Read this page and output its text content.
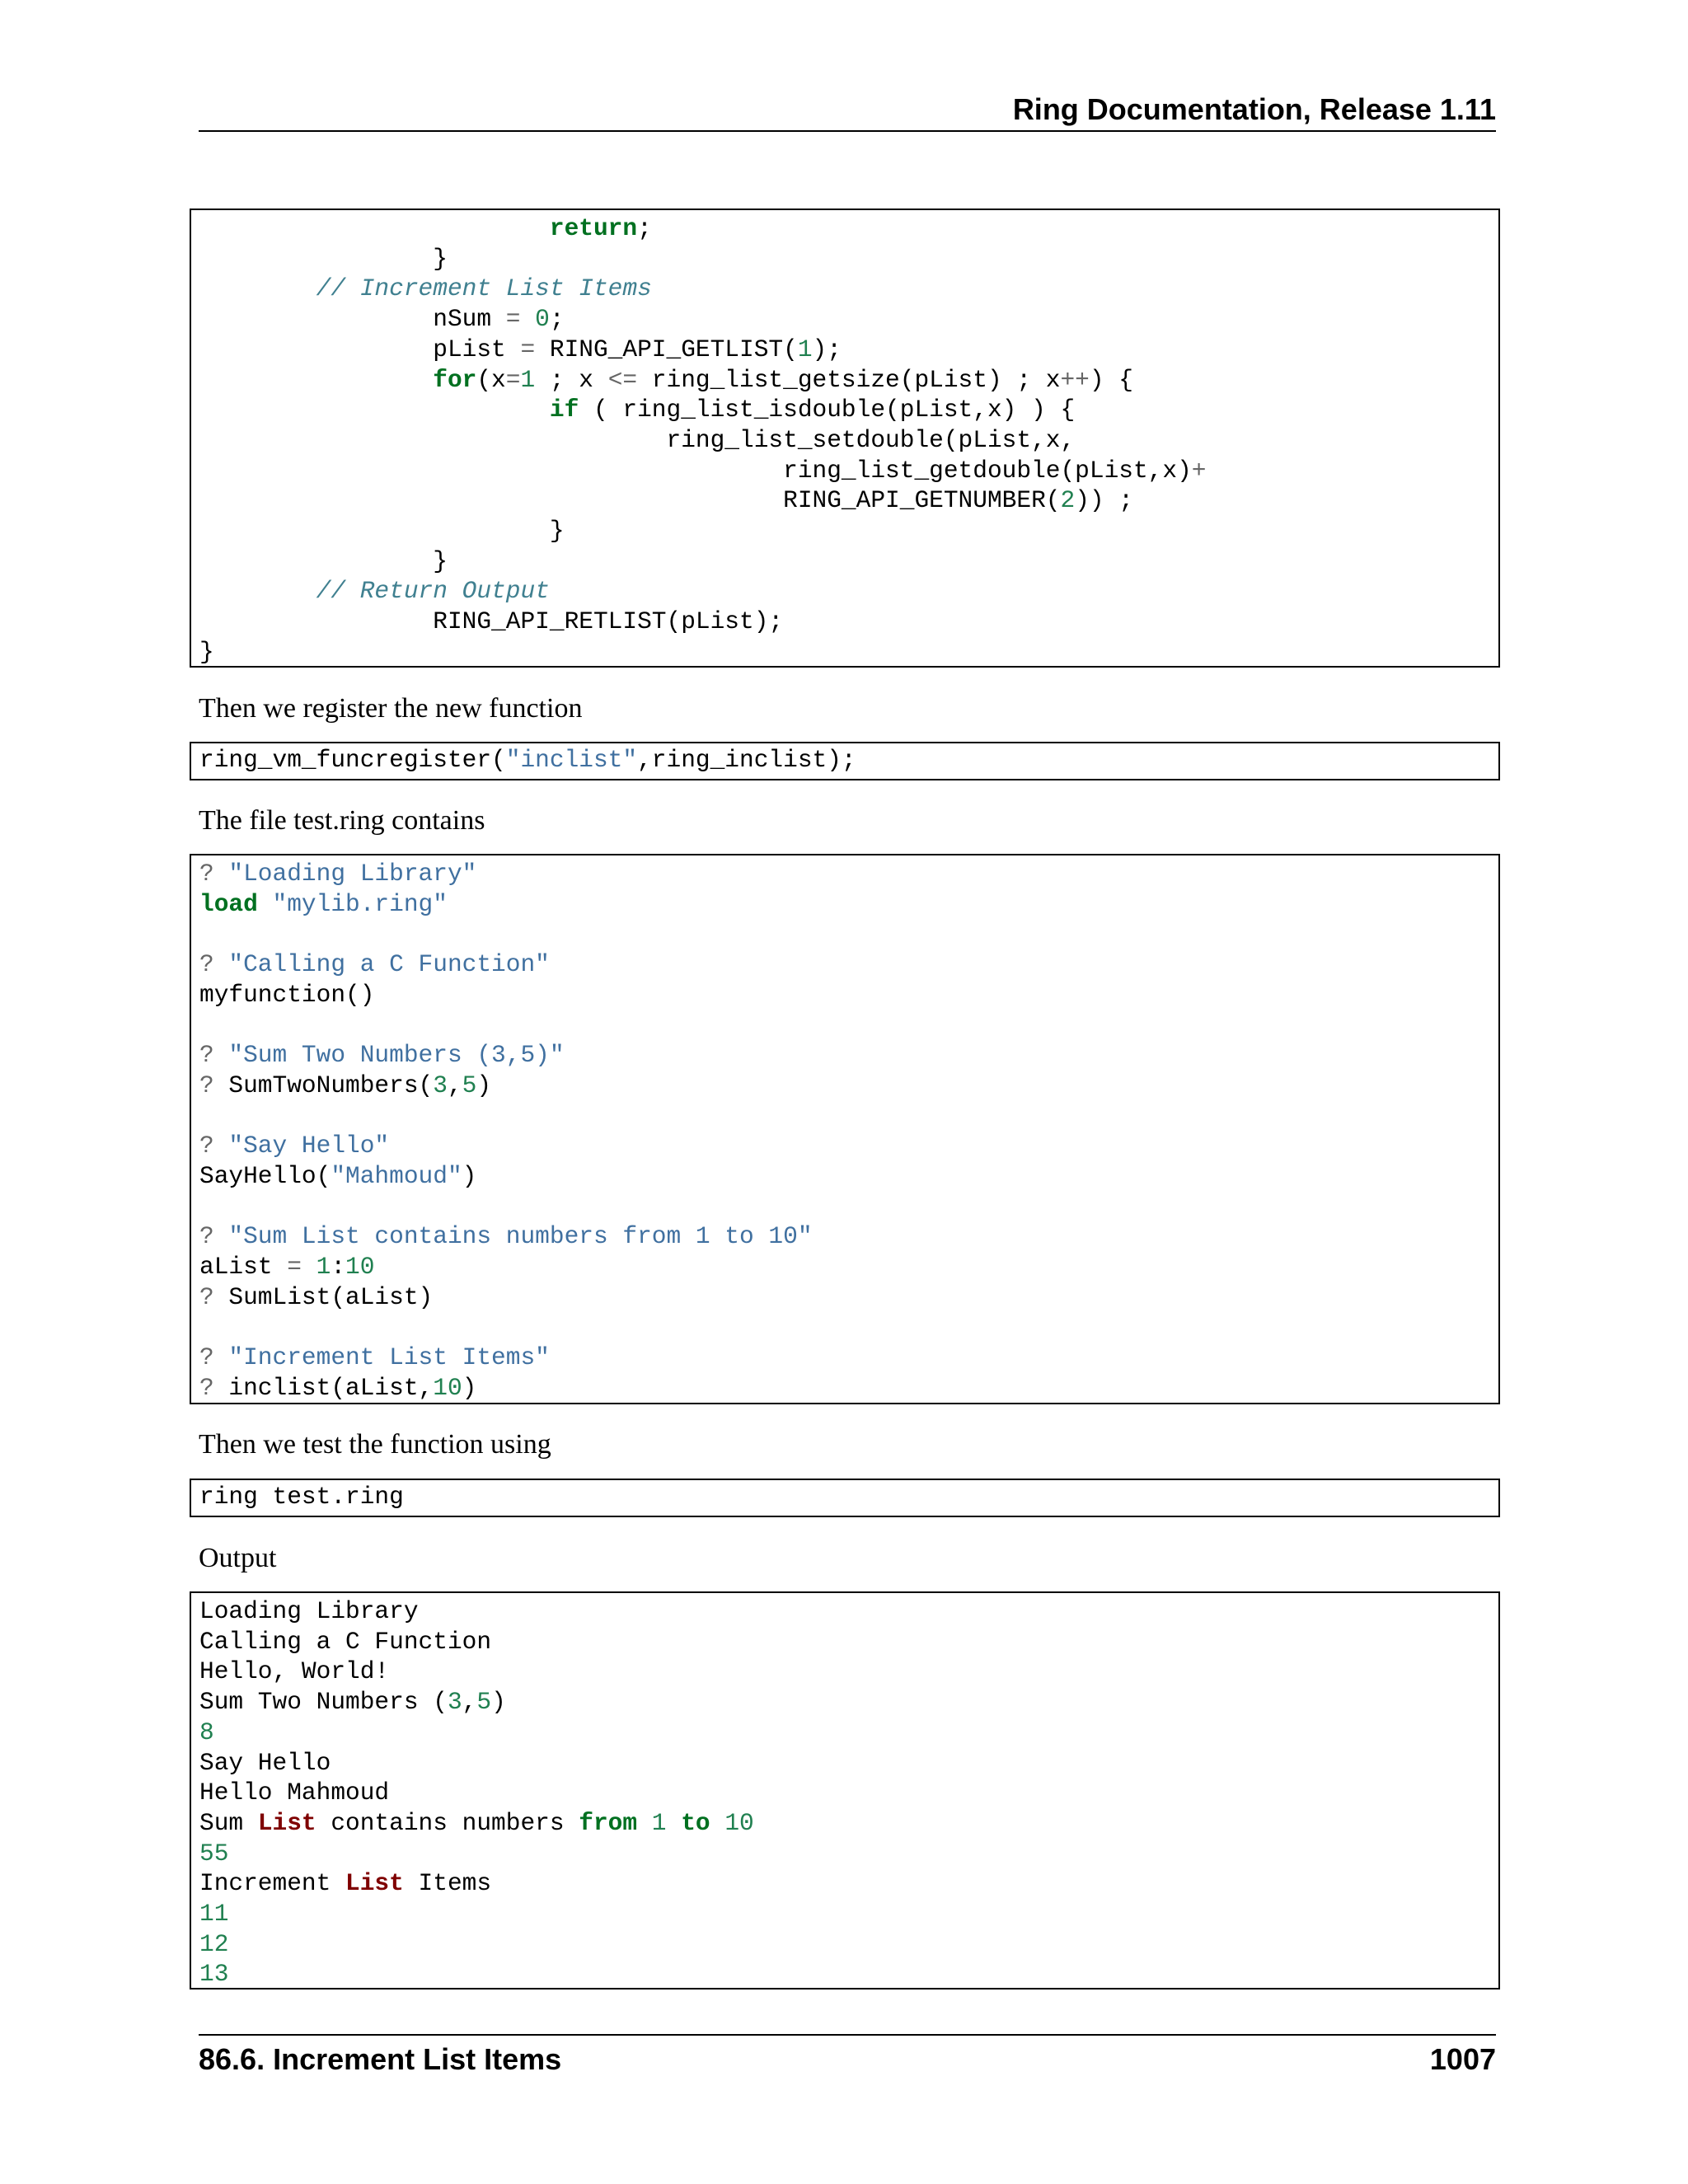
Ring Documentation, Release 1.11
return;
}
// Increment List Items
nSum = 0;
pList = RING_API_GETLIST(1);
for(x=1 ; x <= ring_list_getsize(pList) ; x++) {
if ( ring_list_isdouble(pList,x) ) {
ring_list_setdouble(pList,x,
ring_list_getdouble(pList,x)+
RING_API_GETNUMBER(2)) ;
}
}
// Return Output
RING_API_RETLIST(pList);
}
Then we register the new function
ring_vm_funcregister("inclist",ring_inclist);
The file test.ring contains
? "Loading Library"
load "mylib.ring"

? "Calling a C Function"
myfunction()

? "Sum Two Numbers (3,5)"
? SumTwoNumbers(3,5)

? "Say Hello"
SayHello("Mahmoud")

? "Sum List contains numbers from 1 to 10"
aList = 1:10
? SumList(aList)

? "Increment List Items"
? inclist(aList,10)
Then we test the function using
ring test.ring
Output
Loading Library
Calling a C Function
Hello, World!
Sum Two Numbers (3,5)
8
Say Hello
Hello Mahmoud
Sum List contains numbers from 1 to 10
55
Increment List Items
11
12
13
86.6. Increment List Items	1007
